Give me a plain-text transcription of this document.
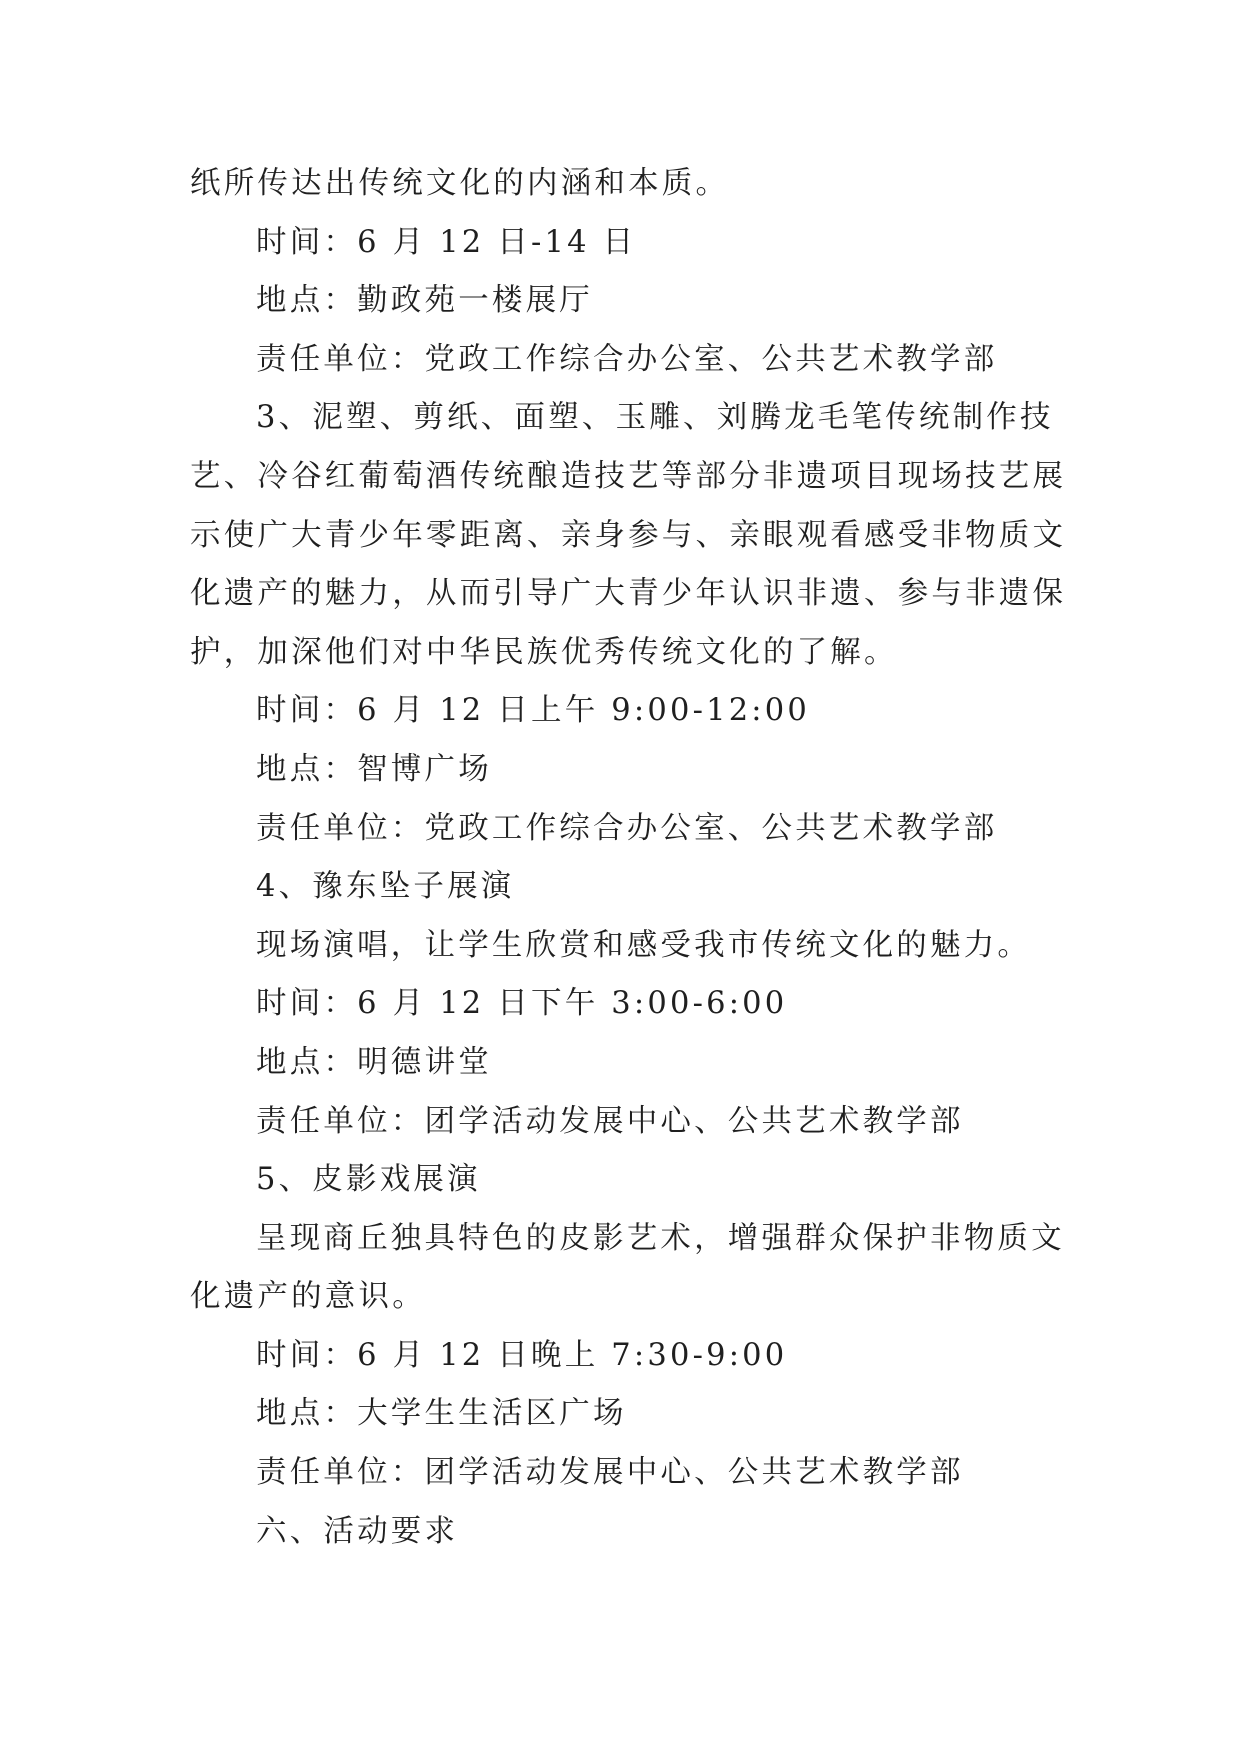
纸所传达出传统文化的内涵和本质。
时间：6 月 12 日-14 日
地点：勤政苑一楼展厅
责任单位：党政工作综合办公室、公共艺术教学部
3、泥塑、剪纸、面塑、玉雕、刘腾龙毛笔传统制作技
艺、冷谷红葡萄酒传统酿造技艺等部分非遗项目现场技艺展
示使广大青少年零距离、亲身参与、亲眼观看感受非物质文
化遗产的魅力，从而引导广大青少年认识非遗、参与非遗保
护，加深他们对中华民族优秀传统文化的了解。
时间：6 月 12 日上午 9:00-12:00
地点：智博广场
责任单位：党政工作综合办公室、公共艺术教学部
4、豫东坠子展演
现场演唱，让学生欣赏和感受我市传统文化的魅力。
时间：6 月 12 日下午 3:00-6:00
地点：明德讲堂
责任单位：团学活动发展中心、公共艺术教学部
5、皮影戏展演
呈现商丘独具特色的皮影艺术，增强群众保护非物质文
化遗产的意识。
时间：6 月 12 日晚上 7:30-9:00
地点：大学生生活区广场
责任单位：团学活动发展中心、公共艺术教学部
六、活动要求
